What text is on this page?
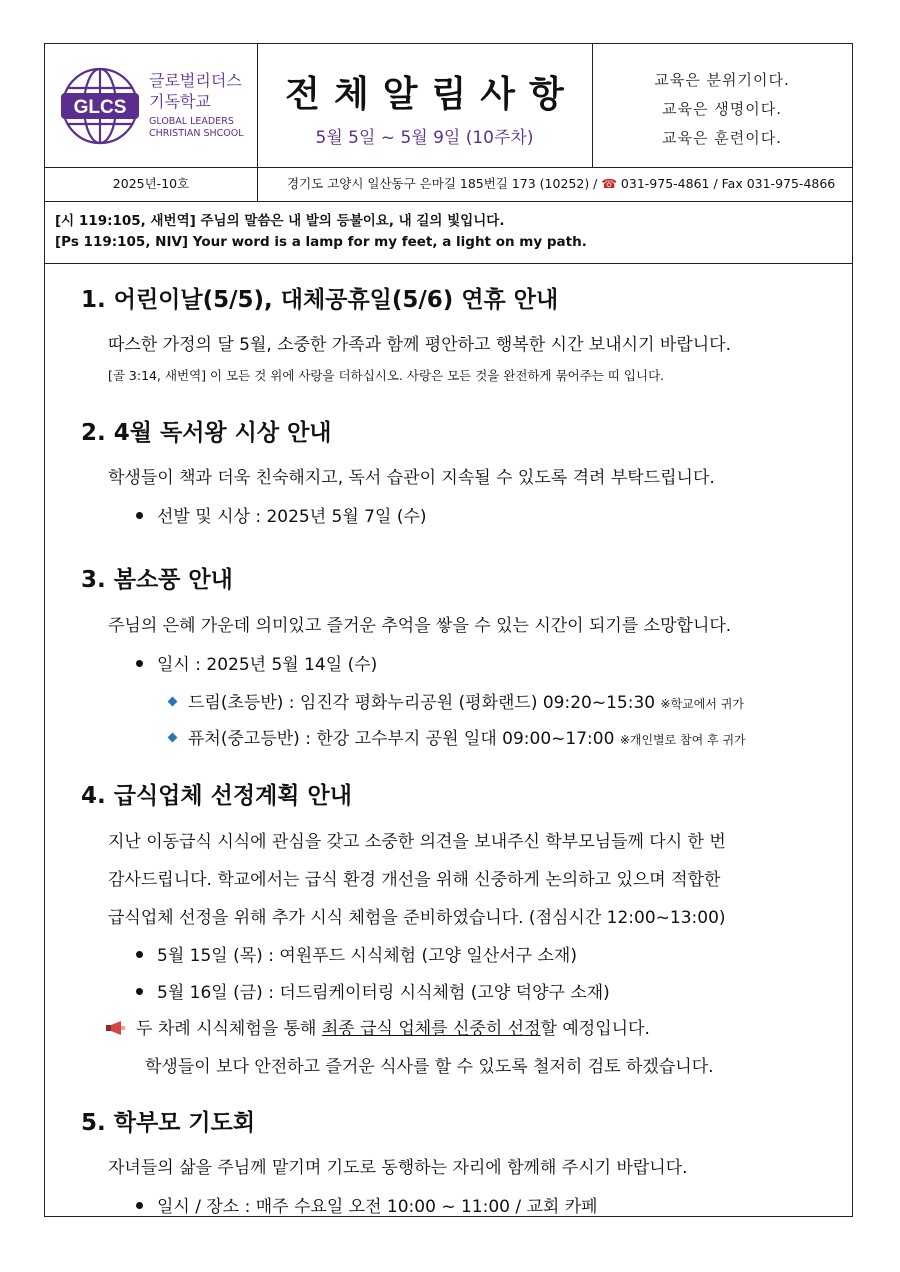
GLCS
글로벌리더스
기독학교
GLOBAL LEADERS
CHRISTIAN SHCOOL
전체알림사항
5월 5일 ~ 5월 9일 (10주차)
교육은 분위기이다.
교육은 생명이다.
교육은 훈련이다.
2025년-10호	경기도 고양시 일산동구 은마길 185번길 173 (10252) / ☎ 031-975-4861 / Fax 031-975-4866
[시 119:105, 새번역] 주님의 말씀은 내 발의 등불이요, 내 길의 빛입니다.
[Ps 119:105, NIV] Your word is a lamp for my feet, a light on my path.
1. 어린이날(5/5), 대체공휴일(5/6) 연휴 안내
따스한 가정의 달 5월, 소중한 가족과 함께 평안하고 행복한 시간 보내시기 바랍니다.
[골 3:14, 새번역] 이 모든 것 위에 사랑을 더하십시오. 사랑은 모든 것을 완전하게 묶어주는 띠 입니다.
2. 4월 독서왕 시상 안내
학생들이 책과 더욱 친숙해지고, 독서 습관이 지속될 수 있도록 격려 부탁드립니다.
선발 및 시상 : 2025년 5월 7일 (수)
3. 봄소풍 안내
주님의 은혜 가운데 의미있고 즐거운 추억을 쌓을 수 있는 시간이 되기를 소망합니다.
일시 : 2025년 5월 14일 (수)
드림(초등반) : 임진각 평화누리공원 (평화랜드) 09:20~15:30 ※학교에서 귀가
퓨처(중고등반) : 한강 고수부지 공원 일대 09:00~17:00 ※개인별로 참여 후 귀가
4. 급식업체 선정계획 안내
지난 이동급식 시식에 관심을 갖고 소중한 의견을 보내주신 학부모님들께 다시 한 번
감사드립니다. 학교에서는 급식 환경 개선을 위해 신중하게 논의하고 있으며 적합한
급식업체 선정을 위해 추가 시식 체험을 준비하였습니다. (점심시간 12:00~13:00)
5월 15일 (목) : 여원푸드 시식체험 (고양 일산서구 소재)
5월 16일 (금) : 더드림케이터링 시식체험 (고양 덕양구 소재)
두 차례 시식체험을 통해 최종 급식 업체를 신중히 선정할 예정입니다.
학생들이 보다 안전하고 즐거운 식사를 할 수 있도록 철저히 검토 하겠습니다.
5. 학부모 기도회
자녀들의 삶을 주님께 맡기며 기도로 동행하는 자리에 함께해 주시기 바랍니다.
일시 / 장소 : 매주 수요일 오전 10:00 ~ 11:00 / 교회 카페
